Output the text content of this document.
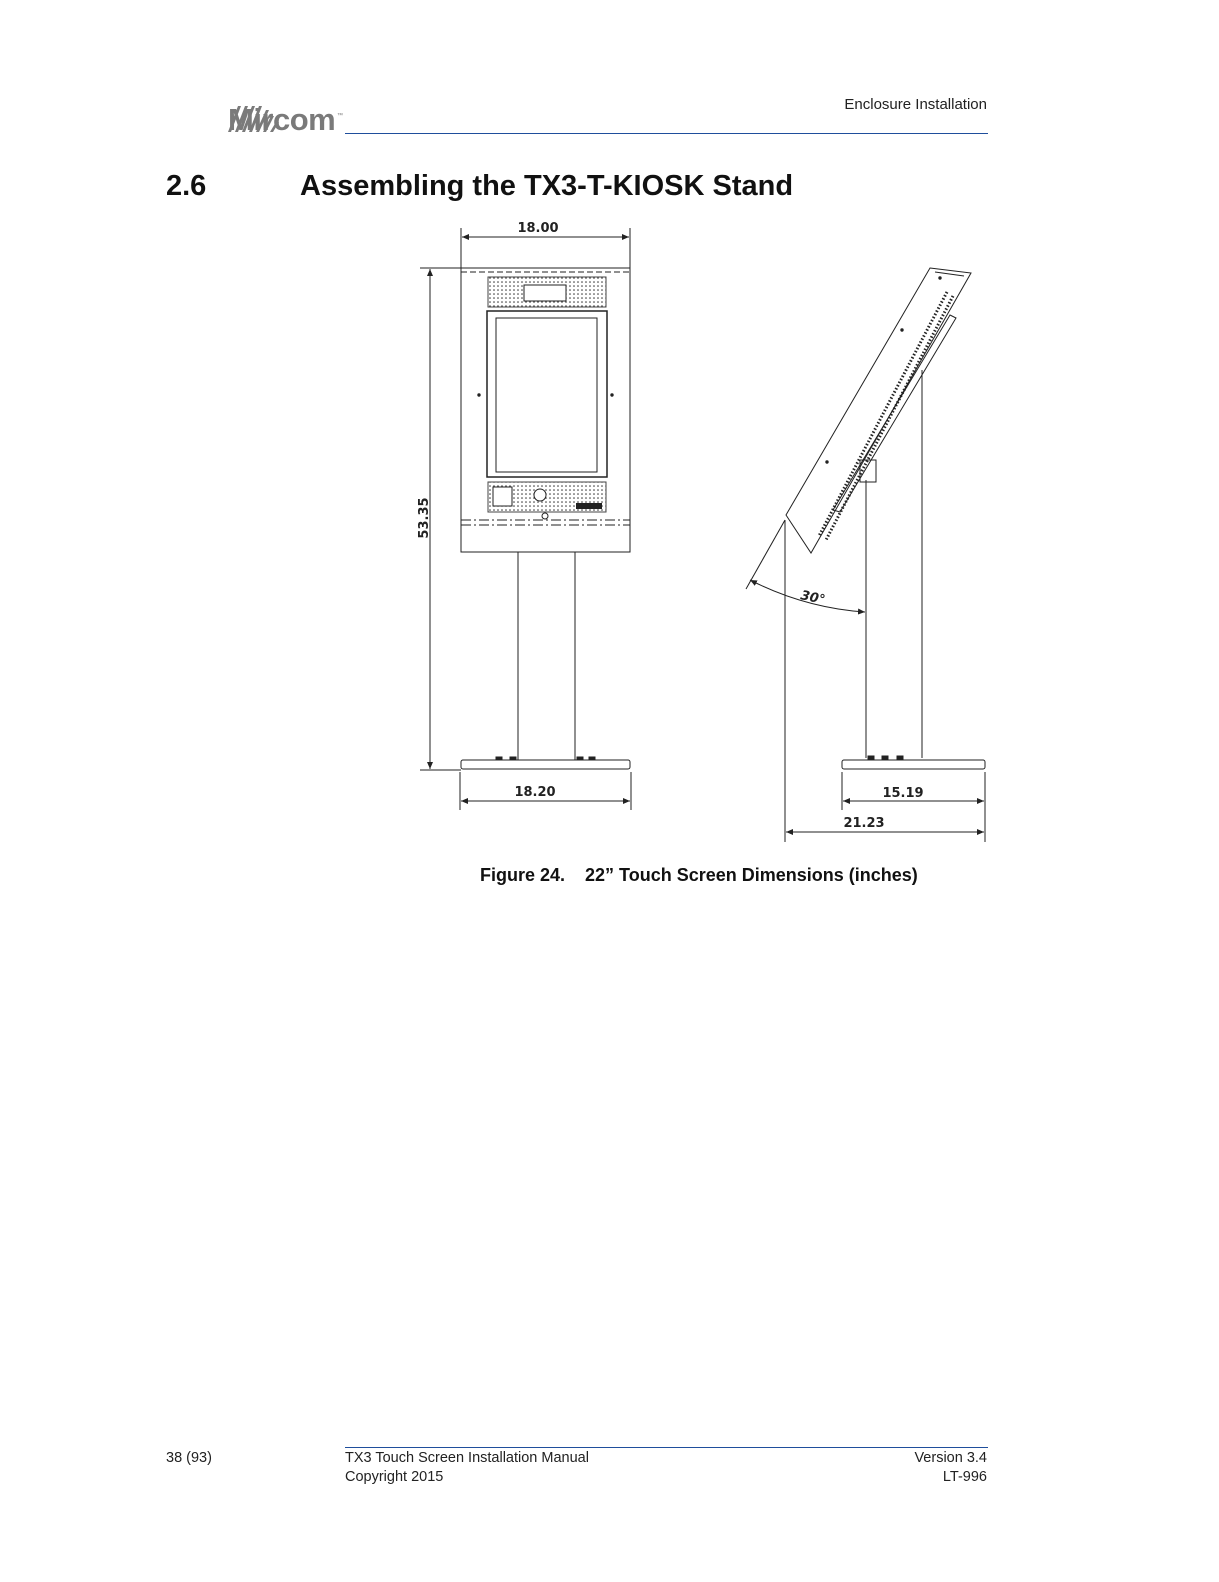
Mircom ™
Enclosure Installation
2.6	Assembling the TX3-T-KIOSK Stand
18.00
53.35
18.20	15.19
21.23
30°
Figure 24.    22” Touch Screen Dimensions (inches)
38 (93)	TX3 Touch Screen Installation Manual
Copyright 2015
Version 3.4
LT-996
